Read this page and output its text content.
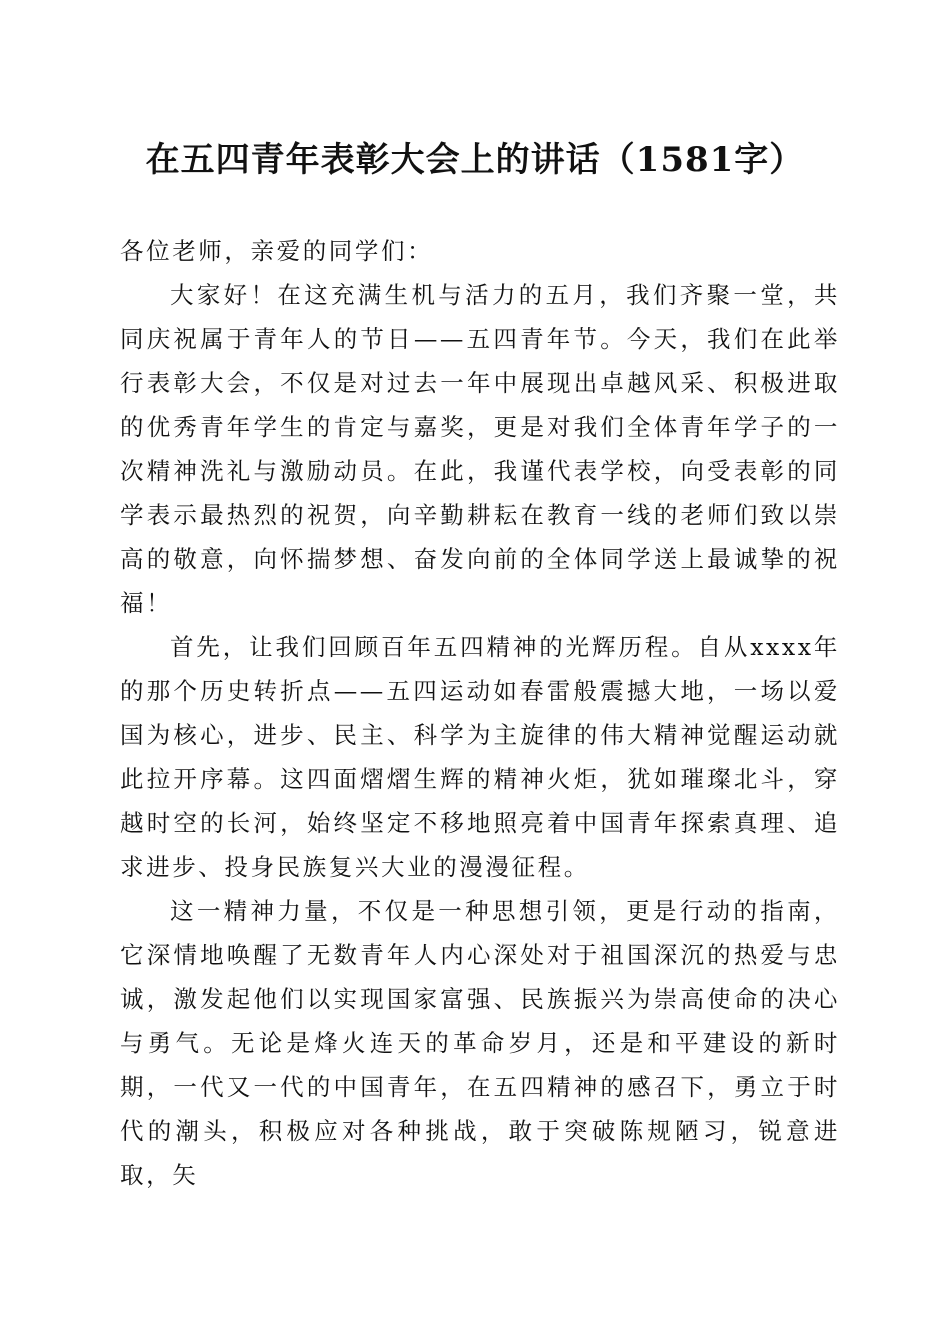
在五四青年表彰大会上的讲话（1581字）

各位老师，亲爱的同学们：

大家好！在这充满生机与活力的五月，我们齐聚一堂，共同庆祝属于青年人的节日——五四青年节。今天，我们在此举行表彰大会，不仅是对过去一年中展现出卓越风采、积极进取的优秀青年学生的肯定与嘉奖，更是对我们全体青年学子的一次精神洗礼与激励动员。在此，我谨代表学校，向受表彰的同学表示最热烈的祝贺，向辛勤耕耘在教育一线的老师们致以崇高的敬意，向怀揣梦想、奋发向前的全体同学送上最诚挚的祝福！

首先，让我们回顾百年五四精神的光辉历程。自从xxxx年的那个历史转折点——五四运动如春雷般震撼大地，一场以爱国为核心，进步、民主、科学为主旋律的伟大精神觉醒运动就此拉开序幕。这四面熠熠生辉的精神火炬，犹如璀璨北斗，穿越时空的长河，始终坚定不移地照亮着中国青年探索真理、追求进步、投身民族复兴大业的漫漫征程。

这一精神力量，不仅是一种思想引领，更是行动的指南，它深情地唤醒了无数青年人内心深处对于祖国深沉的热爱与忠诚，激发起他们以实现国家富强、民族振兴为崇高使命的决心与勇气。无论是烽火连天的革命岁月，还是和平建设的新时期，一代又一代的中国青年，在五四精神的感召下，勇立于时代的潮头，积极应对各种挑战，敢于突破陈规陋习，锐意进取，矢
